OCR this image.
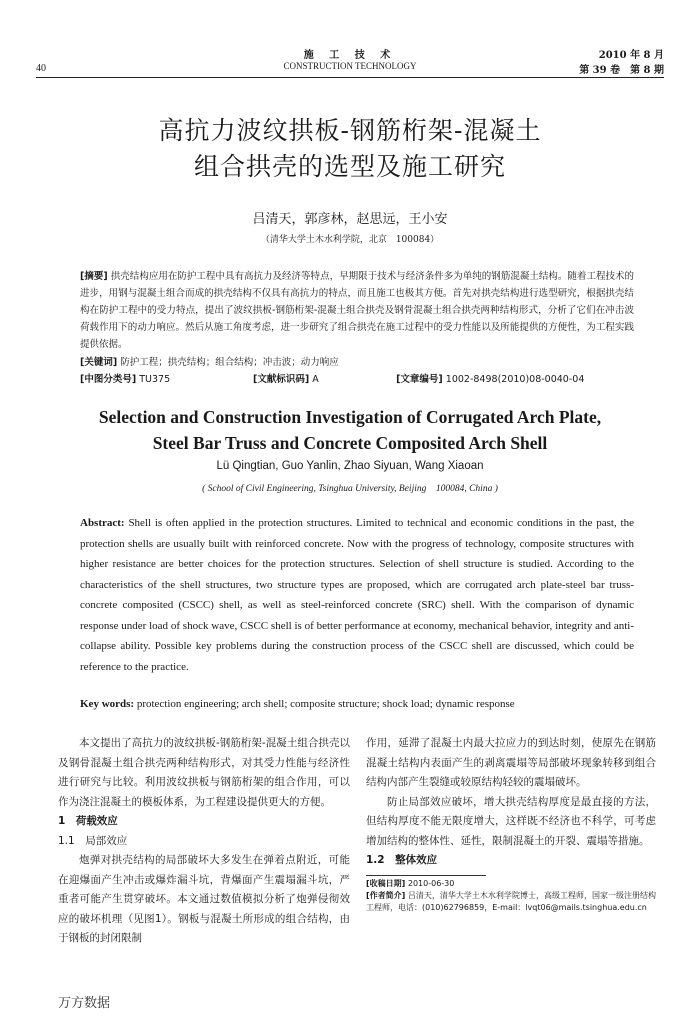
施 工 技 术
CONSTRUCTION TECHNOLOGY
40
2010 年 8 月
第 39 卷　第 8 期
高抗力波纹拱板-钢筋桁架-混凝土
组合拱壳的选型及施工研究
吕清天，郭彦林，赵思远，王小安
（清华大学土木水利学院，北京　100084）
[摘要] 拱壳结构应用在防护工程中具有高抗力及经济等特点，早期限于技术与经济条件多为单纯的钢筋混凝土结构。随着工程技术的进步，用钢与混凝土组合而成的拱壳结构不仅具有高抗力的特点，而且施工也极其方便。首先对拱壳结构进行选型研究，根据拱壳结构在防护工程中的受力特点，提出了波纹拱板-钢筋桁架-混凝土组合拱壳及钢骨混凝土组合拱壳两种结构形式，分析了它们在冲击波荷载作用下的动力响应。然后从施工角度考虑，进一步研究了组合拱壳在施工过程中的受力性能以及所能提供的方便性，为工程实践提供依据。
[关键词] 防护工程；拱壳结构；组合结构；冲击波；动力响应
[中图分类号] TU375	[文献标识码] A	[文章编号] 1002-8498(2010)08-0040-04
Selection and Construction Investigation of Corrugated Arch Plate,
Steel Bar Truss and Concrete Composited Arch Shell
Lü Qingtian, Guo Yanlin, Zhao Siyuan, Wang Xiaoan
( School of Civil Engineering, Tsinghua University, Beijing　100084, China )
Abstract: Shell is often applied in the protection structures. Limited to technical and economic conditions in the past, the protection shells are usually built with reinforced concrete. Now with the progress of technology, composite structures with higher resistance are better choices for the protection structures. Selection of shell structure is studied. According to the characteristics of the shell structures, two structure types are proposed, which are corrugated arch plate-steel bar truss-concrete composited (CSCC) shell, as well as steel-reinforced concrete (SRC) shell. With the comparison of dynamic response under load of shock wave, CSCC shell is of better performance at economy, mechanical behavior, integrity and anti-collapse ability. Possible key problems during the construction process of the CSCC shell are discussed, which could be reference to the practice.
Key words: protection engineering; arch shell; composite structure; shock load; dynamic response

本文提出了高抗力的波纹拱板-钢筋桁架-混凝土组合拱壳以及钢骨混凝土组合拱壳两种结构形式，对其受力性能与经济性进行研究与比较。利用波纹拱板与钢筋桁架的组合作用，可以作为浇注混凝土的模板体系，为工程建设提供更大的方便。

1　荷载效应

1.1　局部效应

炮弹对拱壳结构的局部破坏大多发生在弹着点附近，可能在迎爆面产生冲击或爆炸漏斗坑，背爆面产生震塌漏斗坑，严重者可能产生贯穿破坏。本文通过数值模拟分析了炮弹侵彻效应的破坏机理（见图1）。钢板与混凝土所形成的组合结构，由于钢板的封闭限制

作用，延滞了混凝土内最大拉应力的到达时刻，使原先在钢筋混凝土结构内表面产生的剥离震塌等局部破坏现象转移到组合结构内部产生裂缝或较原结构轻较的震塌破坏。

防止局部效应破坏，增大拱壳结构厚度是最直接的方法，但结构厚度不能无限度增大，这样既不经济也不科学，可考虑增加结构的整体性、延性，限制混凝土的开裂、震塌等措施。

1.2　整体效应

[收稿日期] 2010-06-30

[作者简介] 吕清天，清华大学土木水利学院博士，高级工程师，国家一级注册结构工程师，电话：(010)62796859，E-mail：lvqt06@mails.tsinghua.edu.cn

万方数据
